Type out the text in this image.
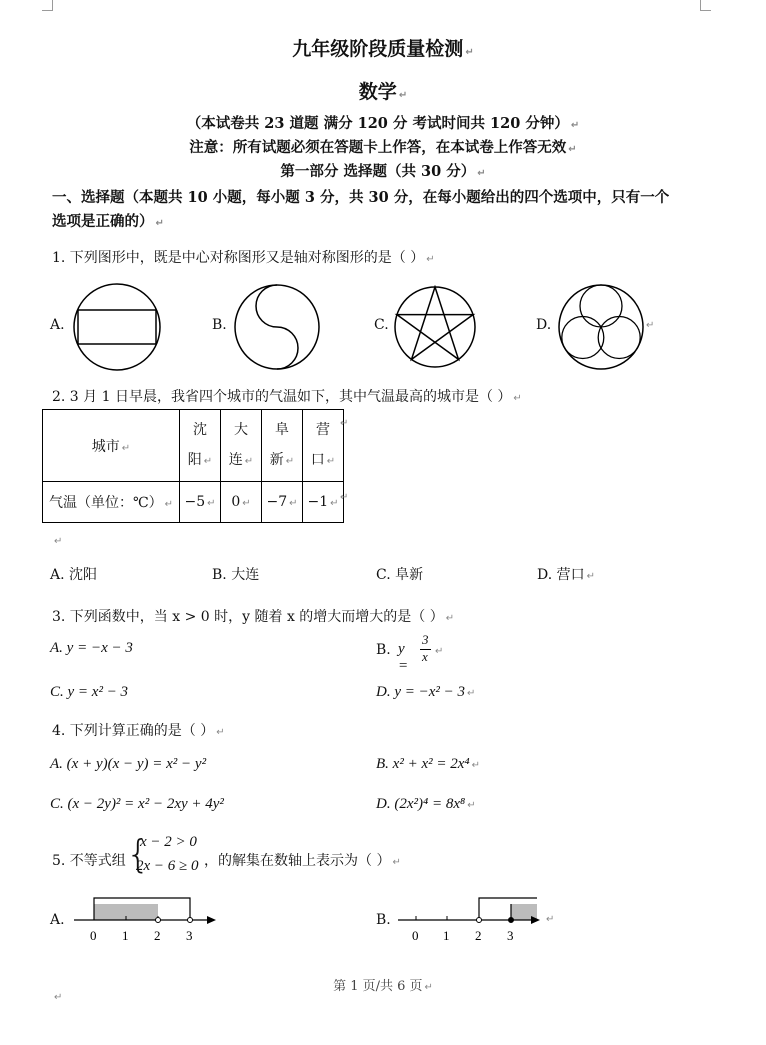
九年级阶段质量检测 ↵
数学 ↵
（本试卷共 23 道题 满分 120 分 考试时间共 120 分钟） ↵
注意：所有试题必须在答题卡上作答，在本试卷上作答无效 ↵
第一部分 选择题（共 30 分） ↵
一、选择题（本题共 10 小题，每小题 3 分，共 30 分，在每小题给出的四个选项中，只有一个
选项是正确的） ↵
1. 下列图形中，既是中心对称图形又是轴对称图形的是（ ） ↵
A.	B.	C.	D.	↵
2. 3 月 1 日早晨，我省四个城市的气温如下，其中气温最高的城市是（ ） ↵
城市 ↵	沈
阳 ↵	大
连 ↵	阜
新 ↵	营
口 ↵
气温（单位：℃） ↵	−5 ↵	0 ↵	−7 ↵	−1 ↵
↵
↵
↵
A. 沈阳	B. 大连	C. 阜新	D. 营口 ↵
3. 下列函数中，当 x > 0 时，y 随着 x 的增大而增大的是（ ） ↵
A. y = −x − 3	B. y =
3
x ↵
C. y = x² − 3	D. y = −x² − 3 ↵
4. 下列计算正确的是（ ） ↵
A. (x + y)(x − y) = x² − y²	B. x² + x² = 2x⁴ ↵
C. (x − 2y)² = x² − 2xy + 4y²	D. (2x²)⁴ = 8x⁸ ↵
5. 不等式组 {
x − 2 > 0
2x − 6 ≥ 0 ，的解集在数轴上表示为（ ） ↵
A.
0 1 2 3
B.
0 1 2 3
↵
第 1 页/共 6 页 ↵
↵
